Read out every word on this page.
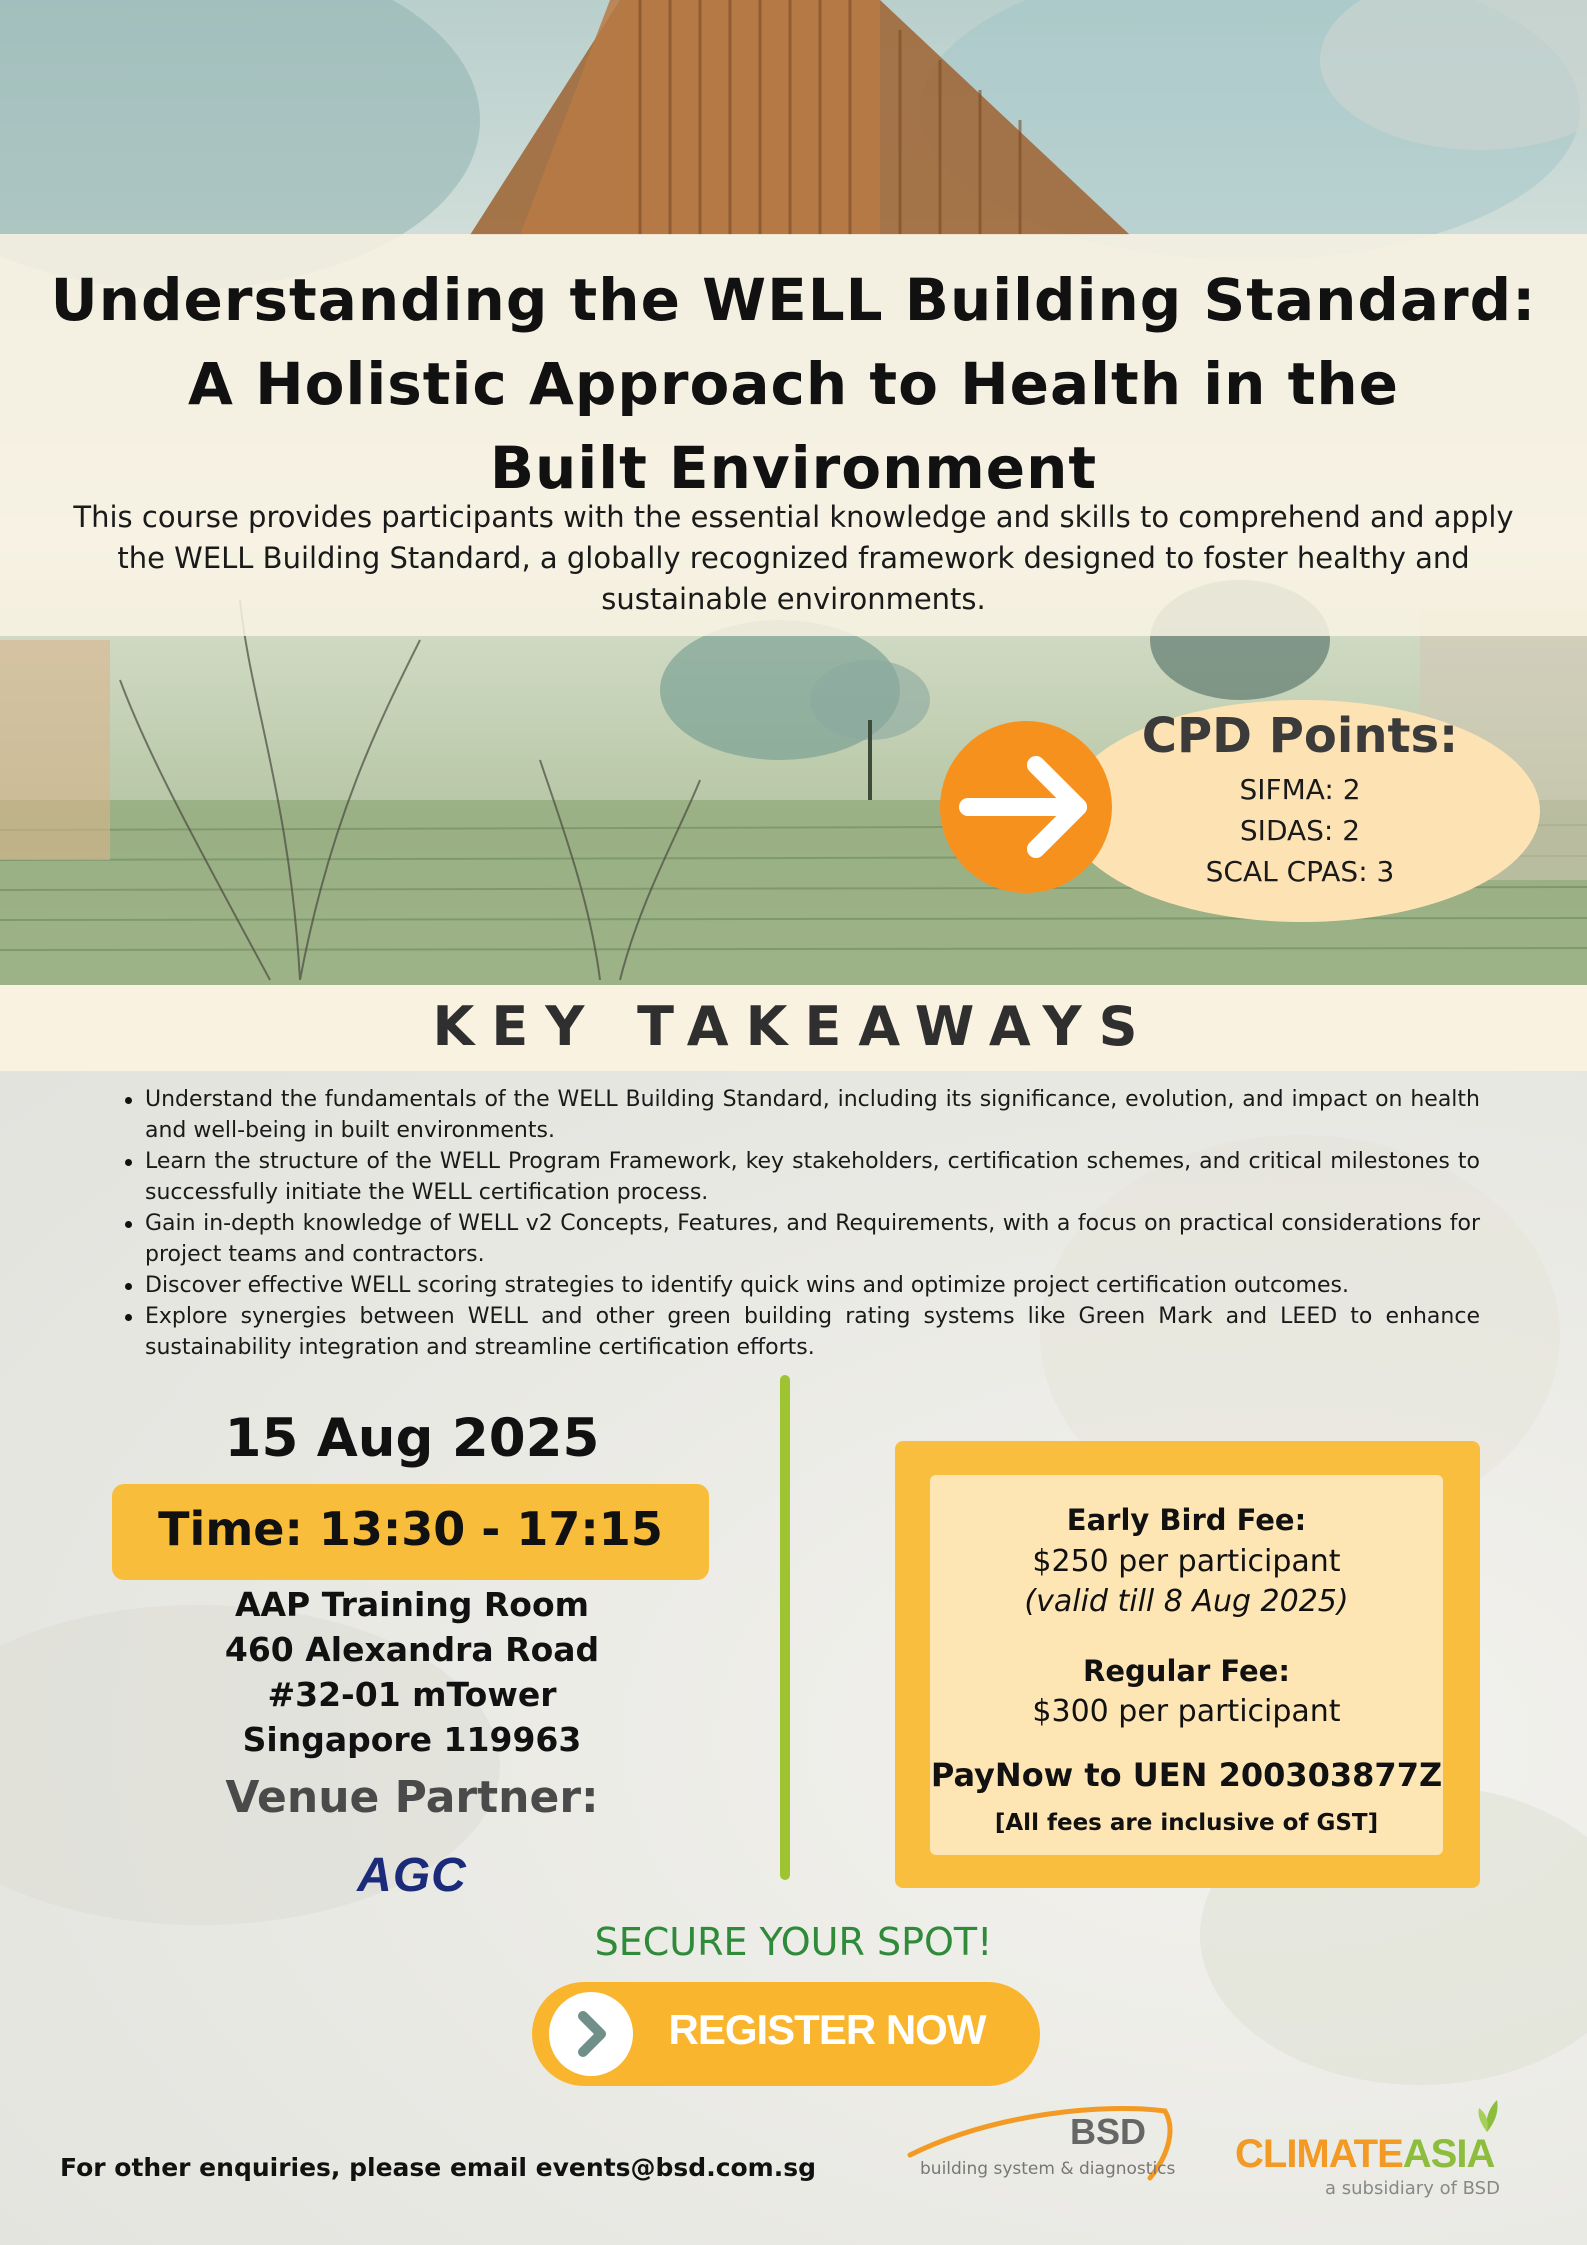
Understanding the WELL Building Standard:
A Holistic Approach to Health in the
Built Environment

This course provides participants with the essential knowledge and skills to comprehend and apply the WELL Building Standard, a globally recognized framework designed to foster healthy and sustainable environments.

CPD Points:
SIFMA: 2
SIDAS: 2
SCAL CPAS: 3
KEY TAKEAWAYS
Understand the fundamentals of the WELL Building Standard, including its significance, evolution, and impact on health and well-being in built environments.
Learn the structure of the WELL Program Framework, key stakeholders, certification schemes, and critical milestones to successfully initiate the WELL certification process.
Gain in-depth knowledge of WELL v2 Concepts, Features, and Requirements, with a focus on practical considerations for project teams and contractors.
Discover effective WELL scoring strategies to identify quick wins and optimize project certification outcomes.
Explore synergies between WELL and other green building rating systems like Green Mark and LEED to enhance sustainability integration and streamline certification efforts.
15 Aug 2025
Time: 13:30 - 17:15
AAP Training Room
460 Alexandra Road
#32-01 mTower
Singapore 119963
Venue Partner:
AGC
Early Bird Fee:
$250 per participant
(valid till 8 Aug 2025)
Regular Fee:
$300 per participant
PayNow to UEN 200303877Z
[All fees are inclusive of GST]
SECURE YOUR SPOT!
REGISTER NOW
For other enquiries, please email events@bsd.com.sg
BSD
building system & diagnostics	CLIMATEASIA
a subsidiary of BSD
